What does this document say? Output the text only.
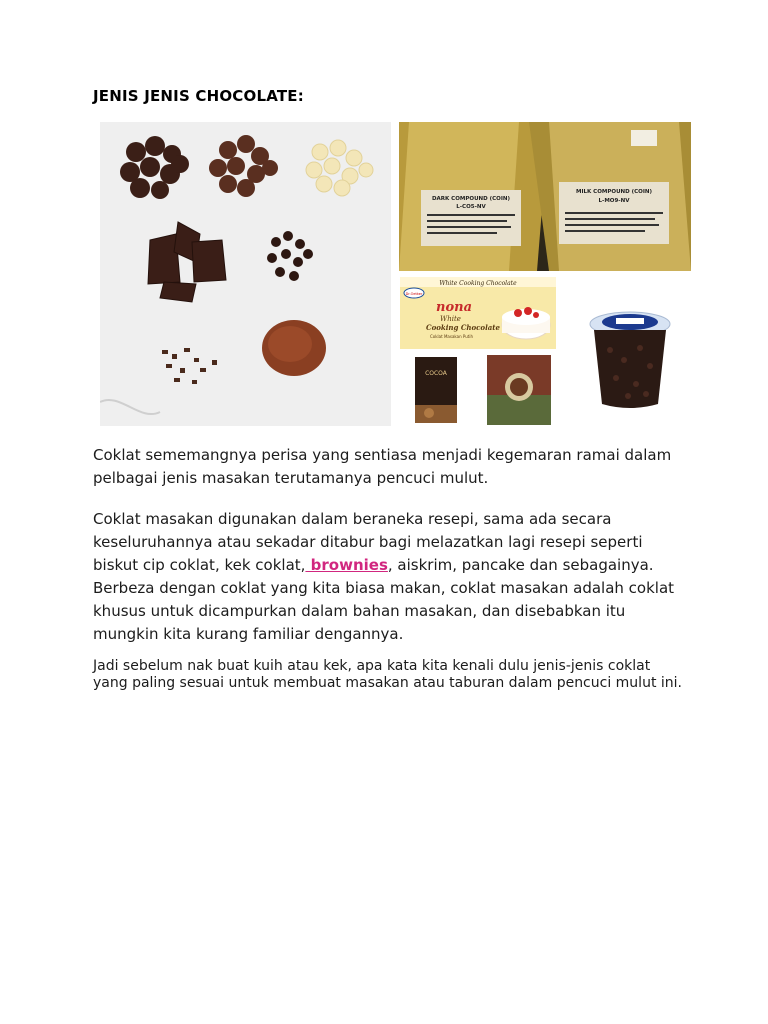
JENIS JENIS CHOCOLATE:
DARK COMPOUND (COIN)
L-CO5-NV
MILK COMPOUND (COIN)
L-MO9-NV
White Cooking Chocolate
Dr.Oetker
nona
White
Cooking Chocolate
Coklat Masakan Putih
COCOA

Coklat sememangnya perisa yang sentiasa menjadi kegemaran ramai dalam pelbagai jenis masakan terutamanya pencuci mulut.

Coklat masakan digunakan dalam beraneka resepi, sama ada secara keseluruhannya atau sekadar ditabur bagi melazatkan lagi resepi seperti biskut cip coklat, kek coklat, brownies, aiskrim, pancake dan sebagainya. Berbeza dengan coklat yang kita biasa makan, coklat masakan adalah coklat khusus untuk dicampurkan dalam bahan masakan, dan disebabkan itu mungkin kita kurang familiar dengannya.

Jadi sebelum nak buat kuih atau kek, apa kata kita kenali dulu jenis-jenis coklat yang paling sesuai untuk membuat masakan atau taburan dalam pencuci mulut ini.
